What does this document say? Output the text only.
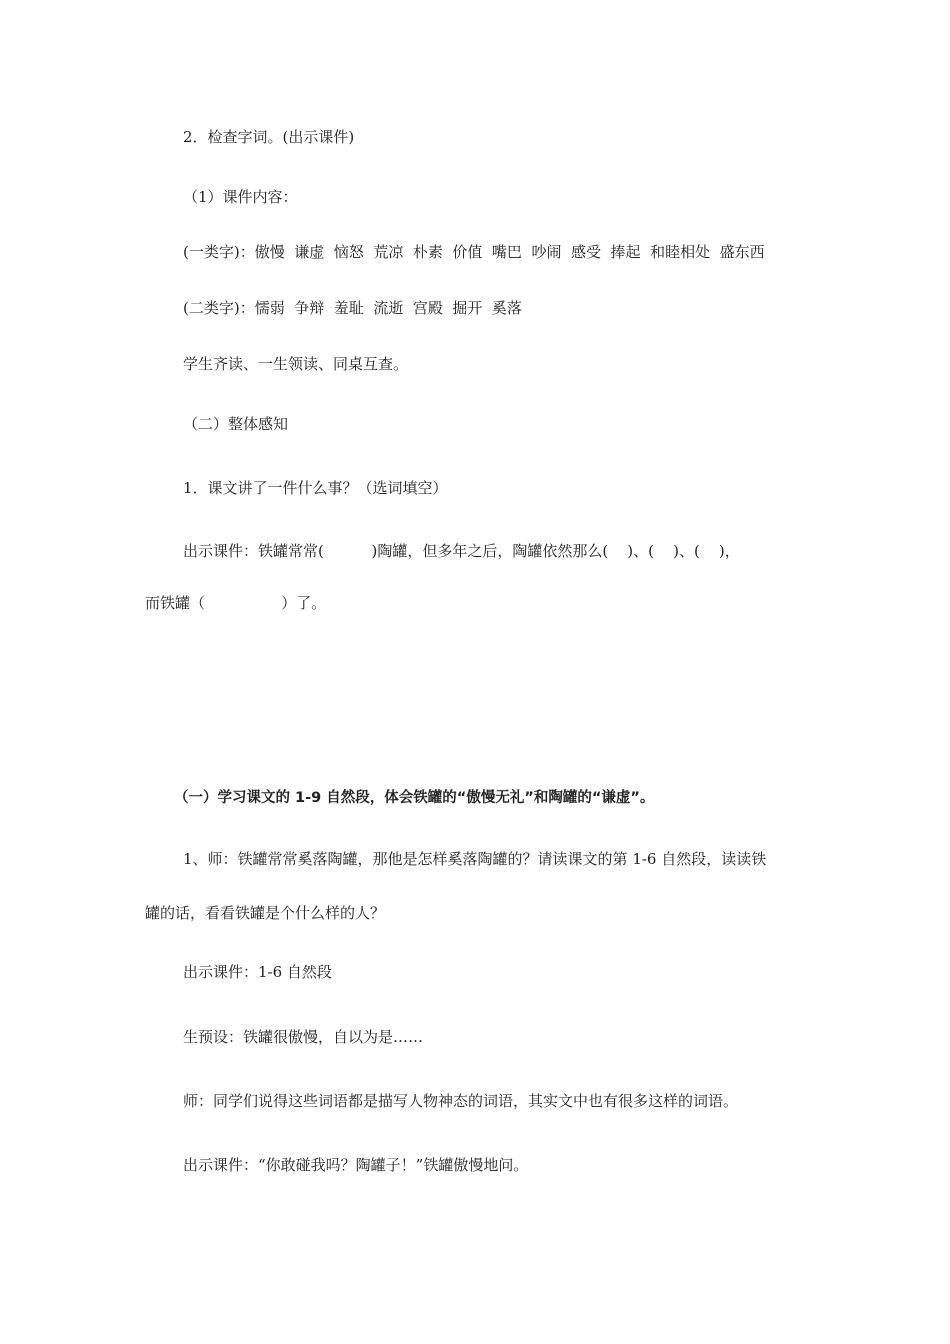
2．检查字词。(出示课件)
（1）课件内容：
(一类字)：傲慢  谦虚  恼怒  荒凉  朴素  价值  嘴巴  吵闹  感受  捧起  和睦相处  盛东西
(二类字)：懦弱  争辩  羞耻  流逝  宫殿  掘开  奚落
学生齐读、一生领读、同桌互查。
（二）整体感知
1．课文讲了一件什么事？（选词填空）
出示课件：铁罐常常(          )陶罐，但多年之后，陶罐依然那么(    )、(    )、(    )，
而铁罐（                ）了。
（一）学习课文的 1-9 自然段，体会铁罐的“傲慢无礼”和陶罐的“谦虚”。
1、师：铁罐常常奚落陶罐，那他是怎样奚落陶罐的？请读课文的第 1-6 自然段，读读铁
罐的话，看看铁罐是个什么样的人？
出示课件：1-6 自然段
生预设：铁罐很傲慢，自以为是……
师：同学们说得这些词语都是描写人物神态的词语，其实文中也有很多这样的词语。
出示课件：“你敢碰我吗？陶罐子！”铁罐傲慢地问。
